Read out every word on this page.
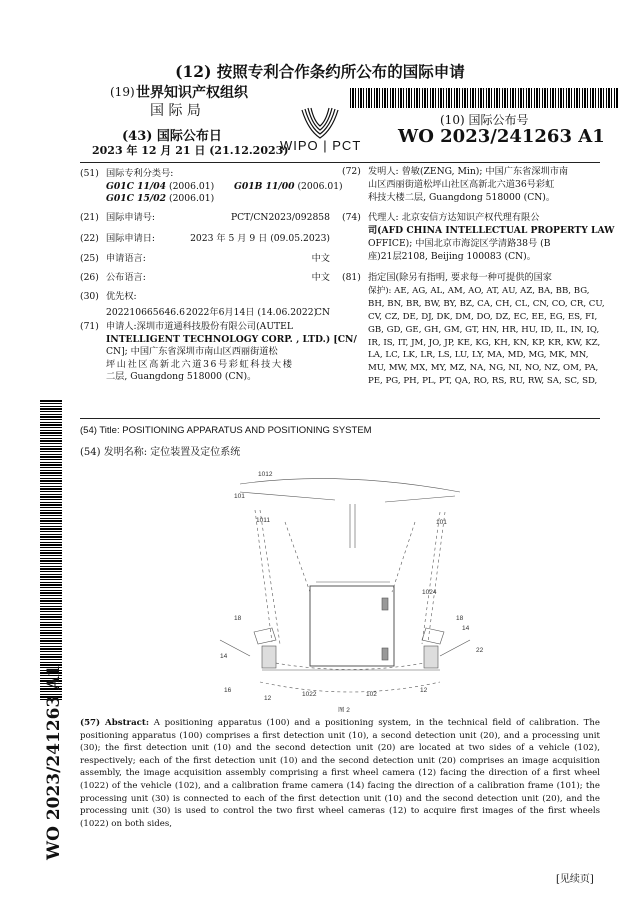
(12) 按照专利合作条约所公布的国际申请
(19) 世界知识产权组织
国 际 局
(43) 国际公布日
2023 年 12 月 21 日 (21.12.2023)
WIPO | PCT
(10) 国际公布号
WO 2023/241263 A1
(51) 国际专利分类号:
G01C 11/04 (2006.01) G01B 11/00 (2006.01)
G01C 15/02 (2006.01)
(21) 国际申请号:	PCT/CN2023/092858
(22) 国际申请日:	2023 年 5 月 9 日 (09.05.2023)
(25) 申请语言:	中文
(26) 公布语言:	中文
(30) 优先权:
202210665646.6 2022年6月14日 (14.06.2022)
CN
(71) 申请人:深圳市道通科技股份有限公司(AUTEL
INTELLIGENT TECHNOLOGY CORP. , LTD.) [CN/
CN]; 中国广东省深圳市南山区西丽街道松
坪山社区高新北六道36号彩虹科技大楼
二层, Guangdong 518000 (CN)。
(72) 发明人: 曾敏(ZENG, Min); 中国广东省深圳市南
山区西丽街道松坪山社区高新北六道36号彩虹
科技大楼二层, Guangdong 518000 (CN)。
(74) 代理人: 北京安信方达知识产权代理有限公
司(AFD CHINA INTELLECTUAL PROPERTY LAW
OFFICE); 中国北京市海淀区学清路38号 (B
座)21层2108, Beijing 100083 (CN)。
(81) 指定国(除另有指明, 要求每一种可提供的国家
保护): AE, AG, AL, AM, AO, AT, AU, AZ, BA, BB, BG,
BH, BN, BR, BW, BY, BZ, CA, CH, CL, CN, CO, CR, CU,
CV, CZ, DE, DJ, DK, DM, DO, DZ, EC, EE, EG, ES, FI,
GB, GD, GE, GH, GM, GT, HN, HR, HU, ID, IL, IN, IQ,
IR, IS, IT, JM, JO, JP, KE, KG, KH, KN, KP, KR, KW, KZ,
LA, LC, LK, LR, LS, LU, LY, MA, MD, MG, MK, MN,
MU, MW, MX, MY, MZ, NA, NG, NI, NO, NZ, OM, PA,
PE, PG, PH, PL, PT, QA, RO, RS, RU, RW, SA, SC, SD,
(54) Title: POSITIONING APPARATUS AND POSITIONING SYSTEM
(54) 发明名称: 定位装置及定位系统
1012
101
1011	101
1024
18
14
22
14
18
16
12
1022	102
12
图 2
(57) Abstract: A positioning apparatus (100) and a positioning system, in the technical field of calibration. The positioning apparatus (100) comprises a first detection unit (10), a second detection unit (20), and a processing unit (30); the first detection unit (10) and the second detection unit (20) are located at two sides of a vehicle (102), respectively; each of the first detection unit (10) and the second detection unit (20) comprises an image acquisition assembly, the image acquisition assembly comprising a first wheel camera (12) facing the direction of a first wheel (1022) of the vehicle (102), and a calibration frame camera (14) facing the direction of a calibration frame (101); the processing unit (30) is connected to each of the first detection unit (10) and the second detection unit (20), and the processing unit (30) is used to control the two first wheel cameras (12) to acquire first images of the first wheels (1022) on both sides,
[见续页]
WO 2023/241263 A1
